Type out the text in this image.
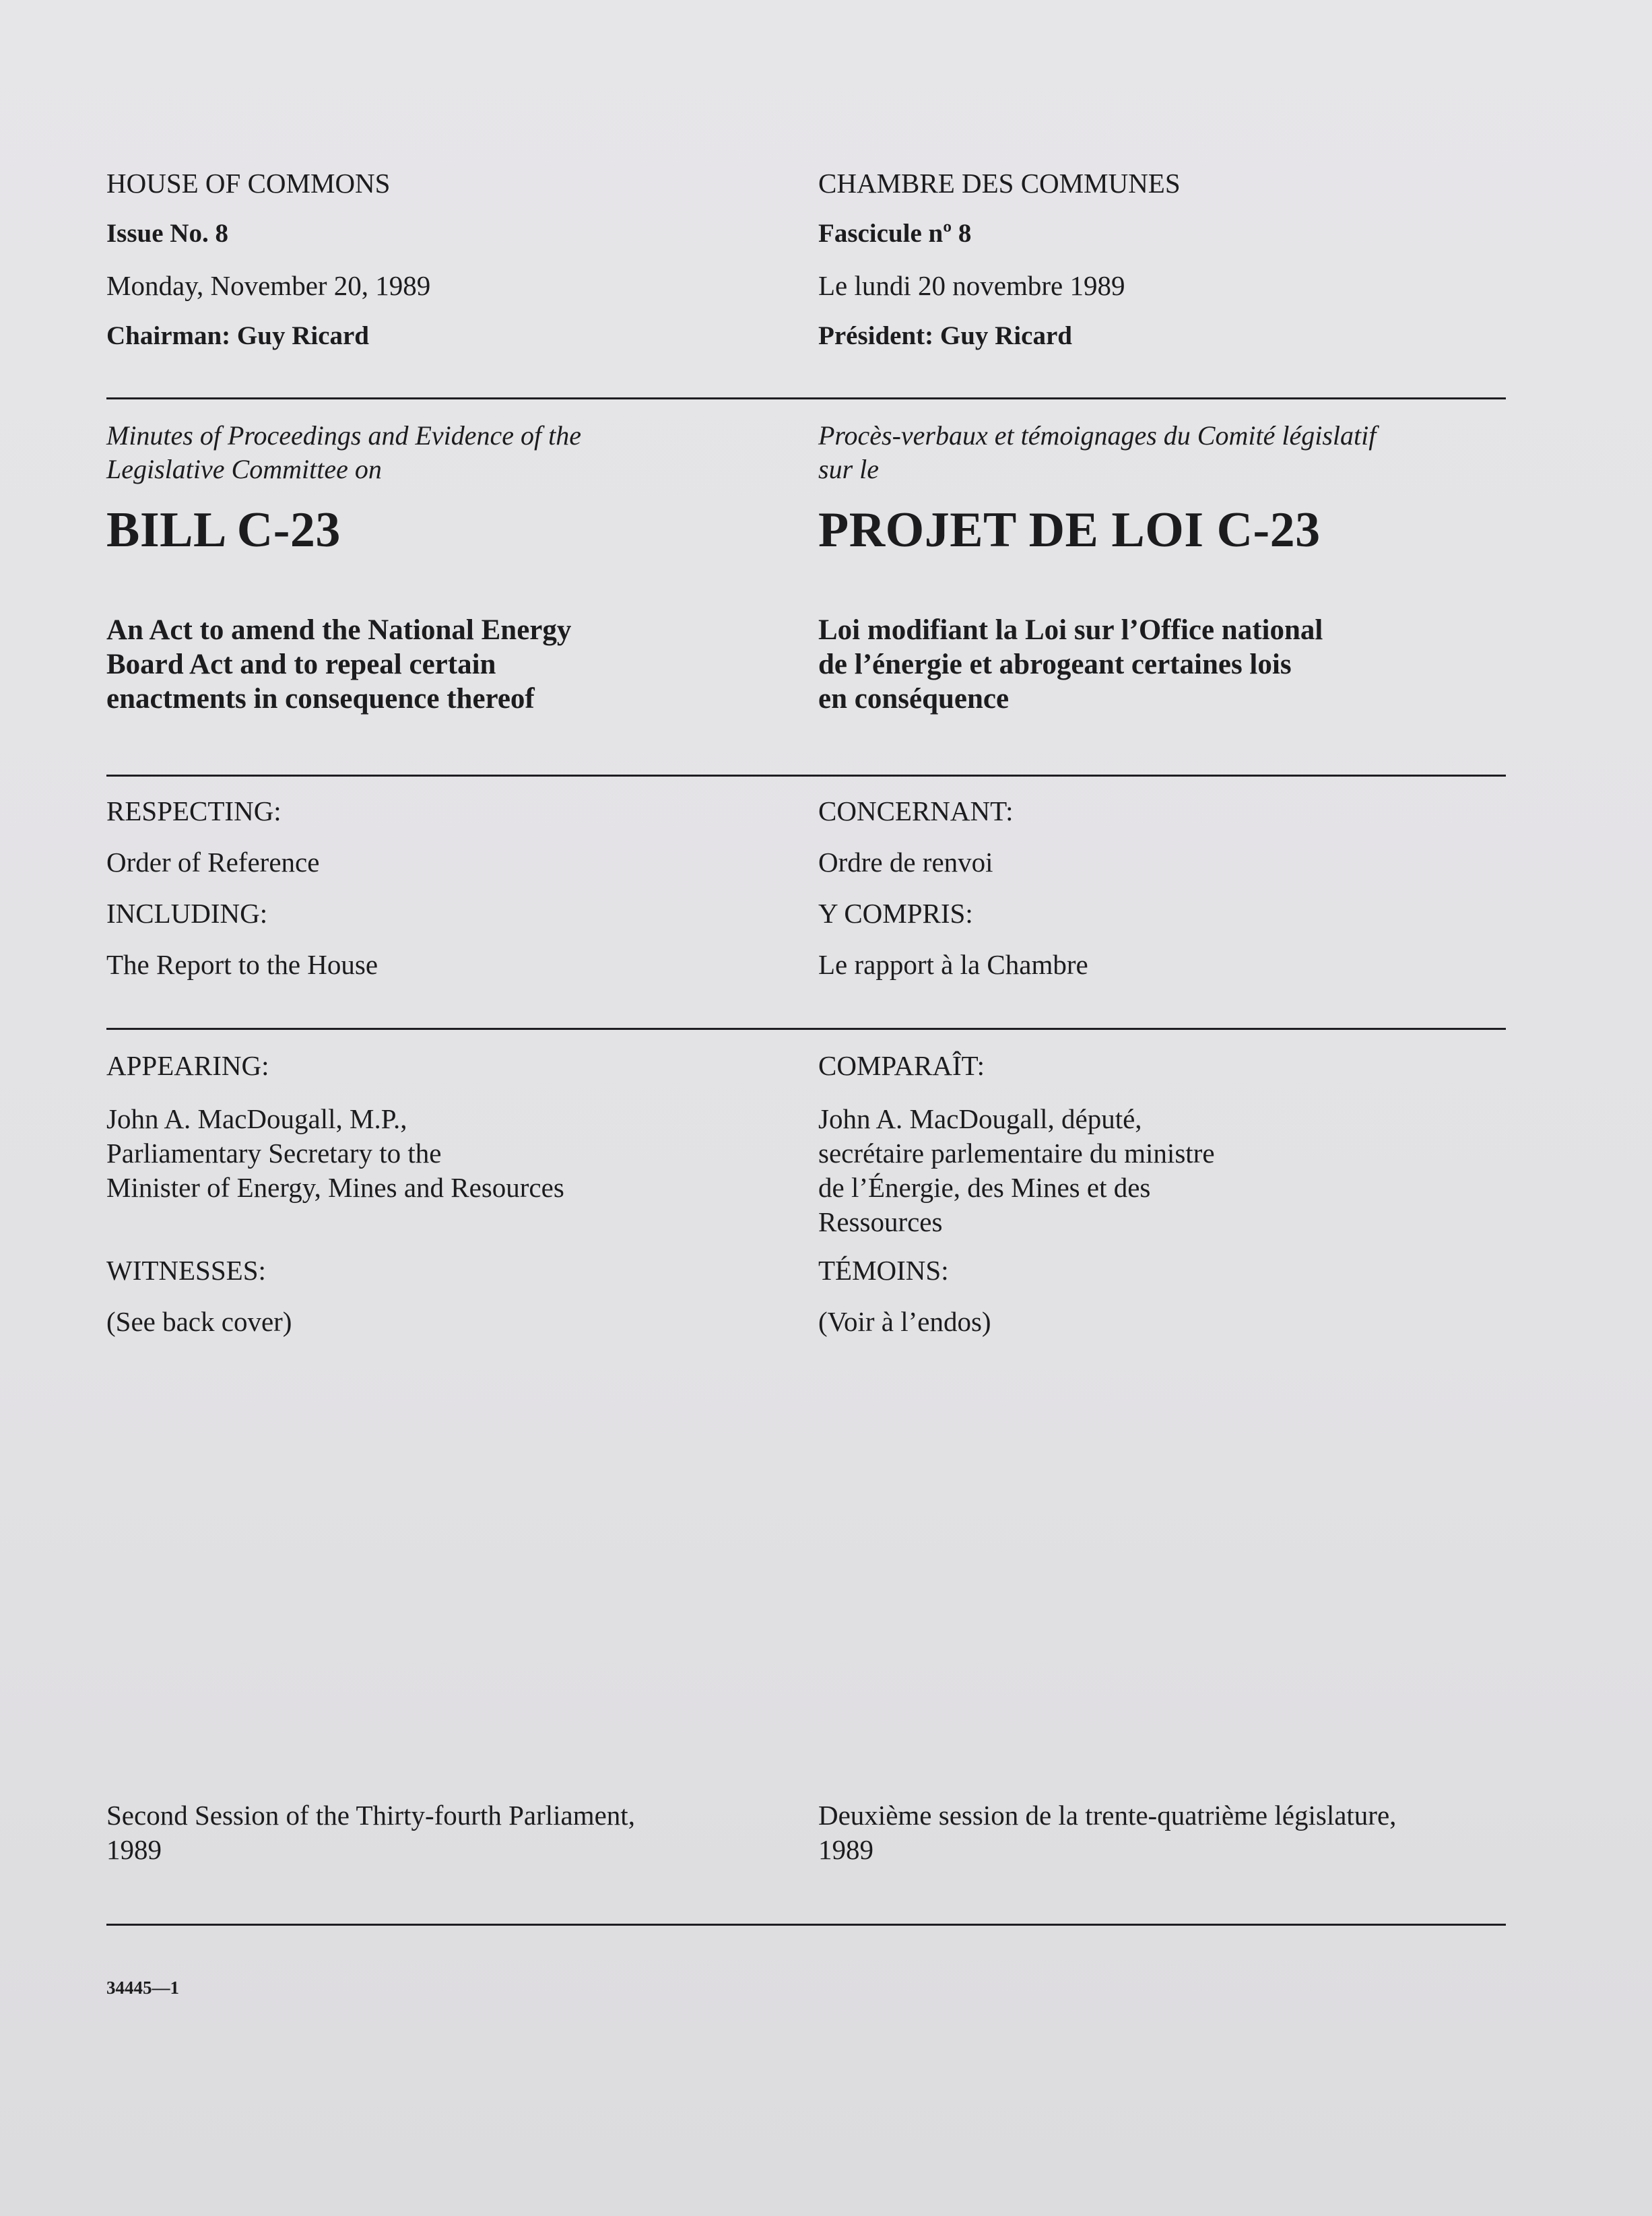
HOUSE OF COMMONS

Issue No. 8

Monday, November 20, 1989

Chairman: Guy Ricard

Minutes of Proceedings and Evidence of the

Legislative Committee on

BILL C-23

An Act to amend the National Energy
Board Act and to repeal certain
enactments in consequence thereof

RESPECTING:

Order of Reference

INCLUDING:

The Report to the House

APPEARING:

John A. MacDougall, M.P.,
Parliamentary Secretary to the
Minister of Energy, Mines and Resources

WITNESSES:

(See back cover)

Second Session of the Thirty-fourth Parliament,
1989

CHAMBRE DES COMMUNES

Fascicule nº 8

Le lundi 20 novembre 1989

Président: Guy Ricard

Procès-verbaux et témoignages du Comité législatif

sur le

PROJET DE LOI C-23

Loi modifiant la Loi sur l’Office national
de l’énergie et abrogeant certaines lois
en conséquence

CONCERNANT:

Ordre de renvoi

Y COMPRIS:

Le rapport à la Chambre

COMPARAÎT:

John A. MacDougall, député,
secrétaire parlementaire du ministre
de l’Énergie, des Mines et des
Ressources

TÉMOINS:

(Voir à l’endos)

Deuxième session de la trente-quatrième législature,
1989
34445—1
